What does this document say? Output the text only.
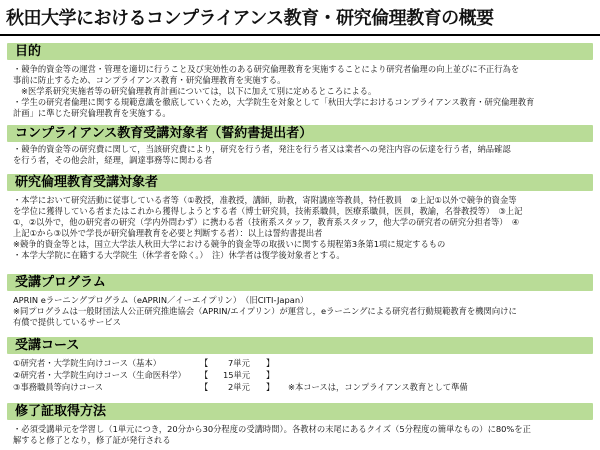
秋田大学におけるコンプライアンス教育・研究倫理教育の概要
目的

・競争的資金等の運営・管理を適切に行うこと及び実効性のある研究倫理教育を実施することにより研究者倫理の向上並びに不正行為を

事前に防止するため、コンプライアンス教育・研究倫理教育を実施する。

※医学系研究実施者等の研究倫理教育計画については，以下に加えて別に定めるところによる。

・学生の研究者倫理に関する規範意識を徹底していくため，大学院生を対象として「秋田大学におけるコンプライアンス教育・研究倫理教育

計画」に準じた研究倫理教育を実施する。

コンプライアンス教育受講対象者（誓約書提出者）

・競争的資金等の研究費に関して，当該研究費により，研究を行う者，発注を行う者又は業者への発注内容の伝達を行う者，納品確認

を行う者，その他会計，経理，調達事務等に関わる者

研究倫理教育受講対象者

・本学において研究活動に従事している者等（①教授，准教授，講師，助教，寄附講座等教員，特任教員　②上記①以外で競争的資金等

を学位に獲得している者またはこれから獲得しようとする者（博士研究員，技術系職員，医療系職員，医員，教諭，名誉教授等）　③上記

①，②以外で，他の研究者の研究（学内外問わず）に携わる者（技術系スタッフ，教育系スタッフ，他大学の研究者の研究分担者等）　④

上記①から③以外で学長が研究倫理教育を必要と判断する者）：以上は誓約書提出者

※競争的資金等とは，国立大学法人秋田大学における競争的資金等の取扱いに関する規程第3条第1項に規定するもの

・本学大学院に在籍する大学院生（休学者を除く。）　注）休学者は復学後対象者とする。

受講プログラム

APRIN eラーニングプログラム（eAPRIN／イーエイプリン）　（旧CITI-Japan）

※同プログラムは一般財団法人公正研究推進協会（APRIN/エイプリン）が運営し，eラーニングによる研究者行動規範教育を機関向けに

有償で提供しているサービス

受講コース
①研究者・大学院生向けコース（基本）	【 7単元 】
②研究者・大学院生向けコース（生命医科学） 【 15単元 】
③事務職員等向けコース	【 2単元 】 ※本コースは，コンプライアンス教育として準備
修了証取得方法

・必須受講単元を学習し（1単元につき，20分から30分程度の受講時間）。各教材の末尾にあるクイズ（5分程度の簡単なもの）に80%を正

解すると修了となり，修了証が発行される
